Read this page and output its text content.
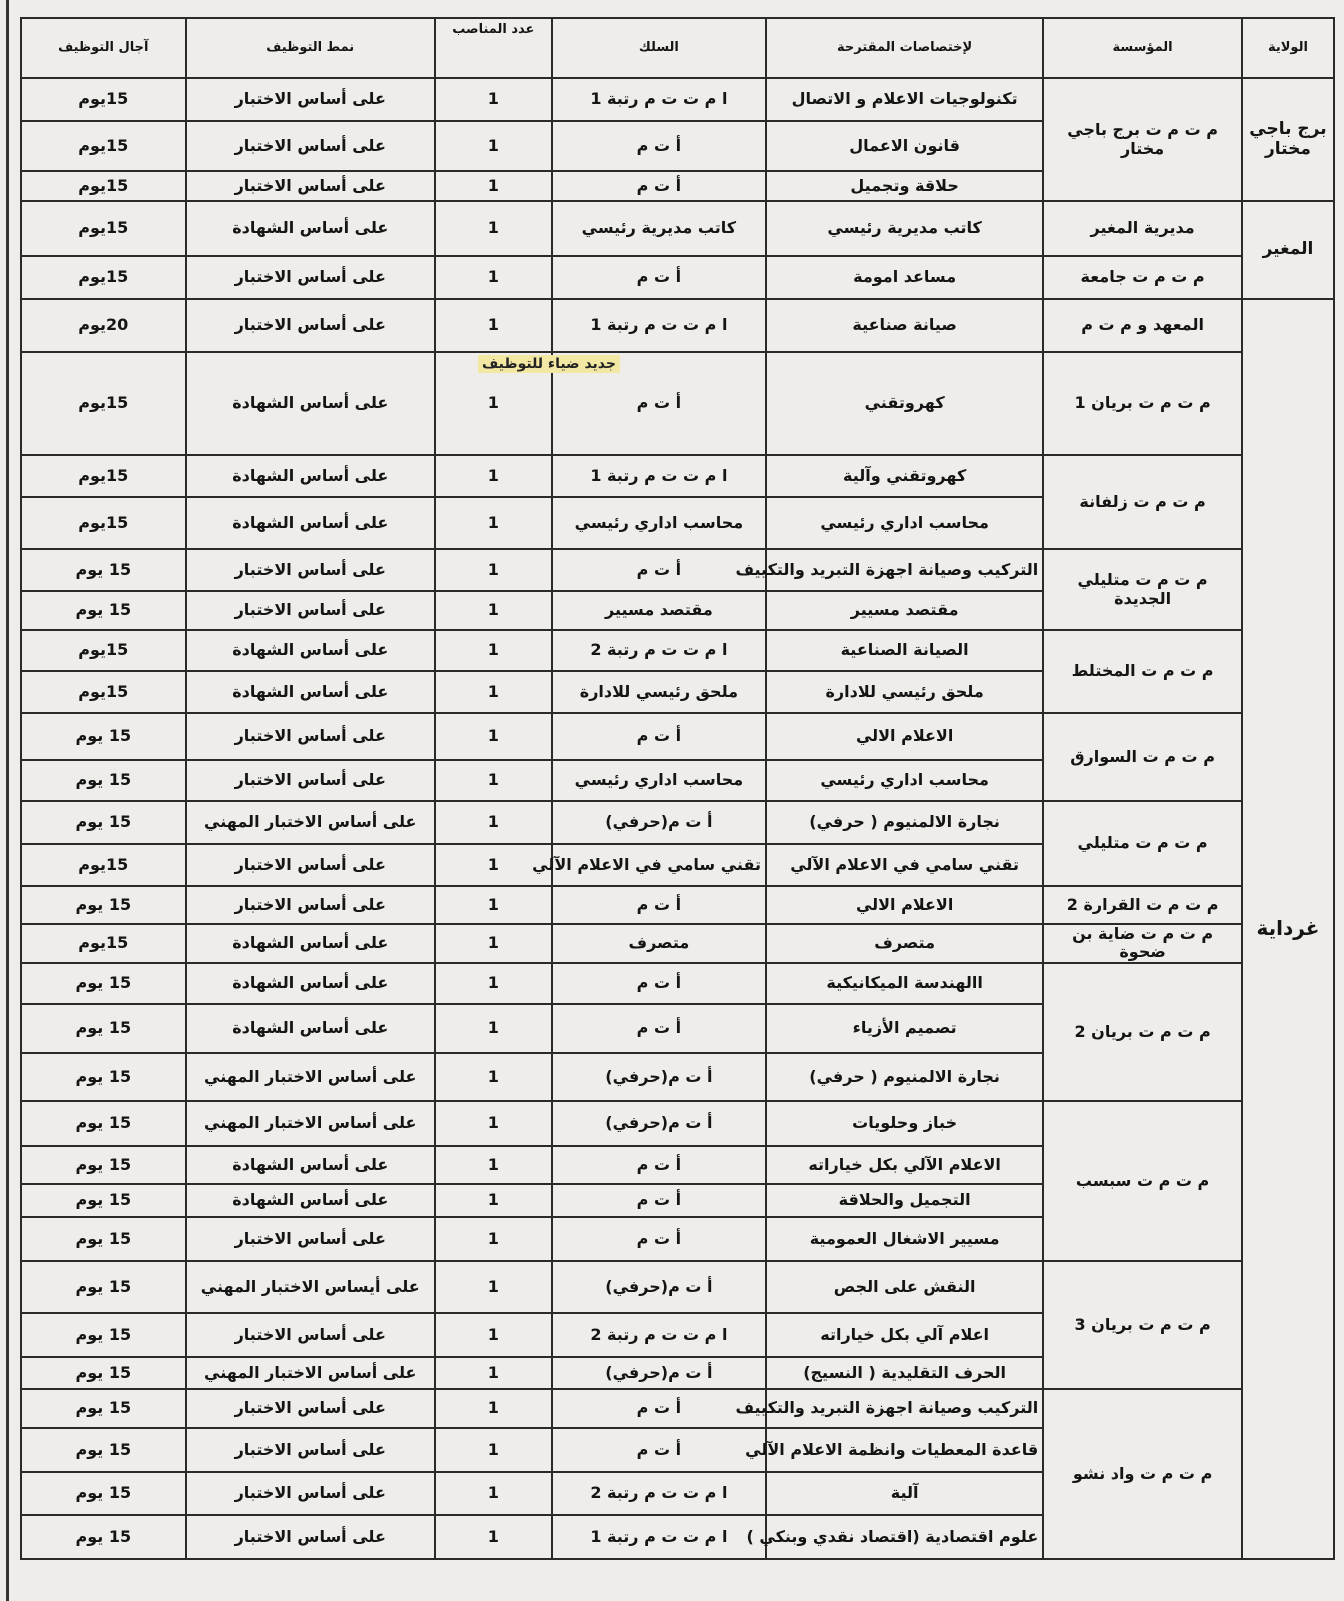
الولاية	المؤسسة	لإختصاصات المقترحة	السلك	عدد المناصب	نمط التوظيف	آجال التوظيف
برج باجي مختار	م ت م ت برج باجي مختار	تكنولوجيات الاعلام و الاتصال	ا م ت ت م رتبة 1	1	على أساس الاختبار	15يوم
		قانون الاعمال	أ ت م	1	على أساس الاختبار	15يوم
		حلاقة وتجميل	أ ت م	1	على أساس الاختبار	15يوم
المغير	مديرية المغير	كاتب مديرية رئيسي	كاتب مديرية رئيسي	1	على أساس الشهادة	15يوم
	م ت م ت جامعة	مساعد امومة	أ ت م	1	على أساس الاختبار	15يوم
غرداية	المعهد و م ت م	صيانة صناعية	ا م ت ت م رتبة 1	1	على أساس الاختبار	20يوم
	م ت م ت بريان 1	كهروتقني	أ ت م	1	على أساس الشهادة	15يوم
	م ت م ت زلفانة	كهروتقني وآلية	ا م ت ت م رتبة 1	1	على أساس الشهادة	15يوم
		محاسب اداري رئيسي	محاسب اداري رئيسي	1	على أساس الشهادة	15يوم
	م ت م ت متليلي الجديدة	التركيب وصيانة اجهزة التبريد والتكييف	أ ت م	1	على أساس الاختبار	15 يوم
		مقتصد مسيير	مقتصد مسيير	1	على أساس الاختبار	15 يوم
	م ت م ت المختلط	الصيانة الصناعية	ا م ت ت م رتبة 2	1	على أساس الشهادة	15يوم
		ملحق رئيسي للادارة	ملحق رئيسي للادارة	1	على أساس الشهادة	15يوم
	م ت م ت السوارق	الاعلام الالي	أ ت م	1	على أساس الاختبار	15 يوم
		محاسب اداري رئيسي	محاسب اداري رئيسي	1	على أساس الاختبار	15 يوم
	م ت م ت متليلي	نجارة الالمنيوم ( حرفي)	أ ت م(حرفي)	1	على أساس الاختبار المهني	15 يوم
		تقني سامي في الاعلام الآلي	تقني سامي في الاعلام الآلي	1	على أساس الاختبار	15يوم
	م ت م ت القرارة 2	الاعلام الالي	أ ت م	1	على أساس الاختبار	15 يوم
	م ت م ت ضاية بن ضحوة	متصرف	متصرف	1	على أساس الشهادة	15يوم
	م ت م ت بريان 2	االهندسة الميكانيكية	أ ت م	1	على أساس الشهادة	15 يوم
		تصميم الأزياء	أ ت م	1	على أساس الشهادة	15 يوم
		نجارة الالمنيوم ( حرفي)	أ ت م(حرفي)	1	على أساس الاختبار المهني	15 يوم
	م ت م ت سبسب	خباز وحلويات	أ ت م(حرفي)	1	على أساس الاختبار المهني	15 يوم
		الاعلام الآلي بكل خياراته	أ ت م	1	على أساس الشهادة	15 يوم
		التجميل والحلاقة	أ ت م	1	على أساس الشهادة	15 يوم
		مسيير الاشغال العمومية	أ ت م	1	على أساس الاختبار	15 يوم
	م ت م ت بريان 3	النقش على الجص	أ ت م(حرفي)	1	على أيساس الاختبار المهني	15 يوم
		اعلام آلي بكل خياراته	ا م ت ت م رتبة 2	1	على أساس الاختبار	15 يوم
		الحرف التقليدية ( النسيج)	أ ت م(حرفي)	1	على أساس الاختبار المهني	15 يوم
	م ت م ت واد نشو	التركيب وصيانة اجهزة التبريد والتكييف	أ ت م	1	على أساس الاختبار	15 يوم
		قاعدة المعطيات وانظمة الاعلام الآلي	أ ت م	1	على أساس الاختبار	15 يوم
		آلية	ا م ت ت م رتبة 2	1	على أساس الاختبار	15 يوم
		علوم اقتصادية (اقتصاد نقدي وبنكي )	ا م ت ت م رتبة 1	1	على أساس الاختبار	15 يوم
جديد ضياء للتوظيف
